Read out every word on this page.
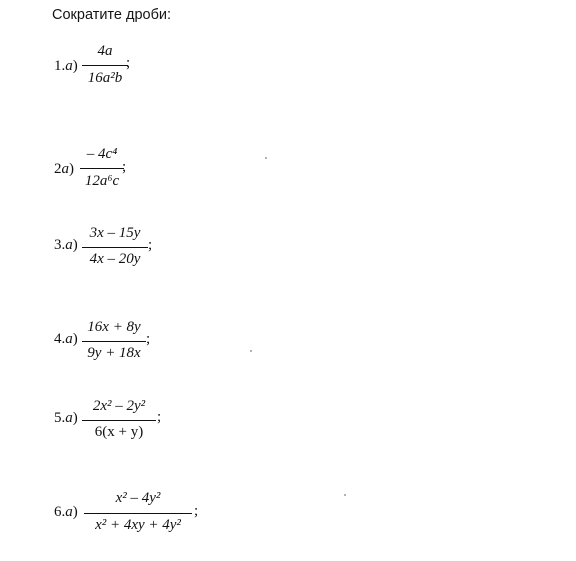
Сократите дроби:
1.a)
4a
16a²b
;
2a)
– 4c⁴
12a⁶c
;
3.a)
3x – 15y
4x – 20y
;
4.a)
16x + 8y
9y + 18x
;
5.a)
2x² – 2y²
6(x + y)
;
6.a)
x² – 4y²
x² + 4xy + 4y²
;
